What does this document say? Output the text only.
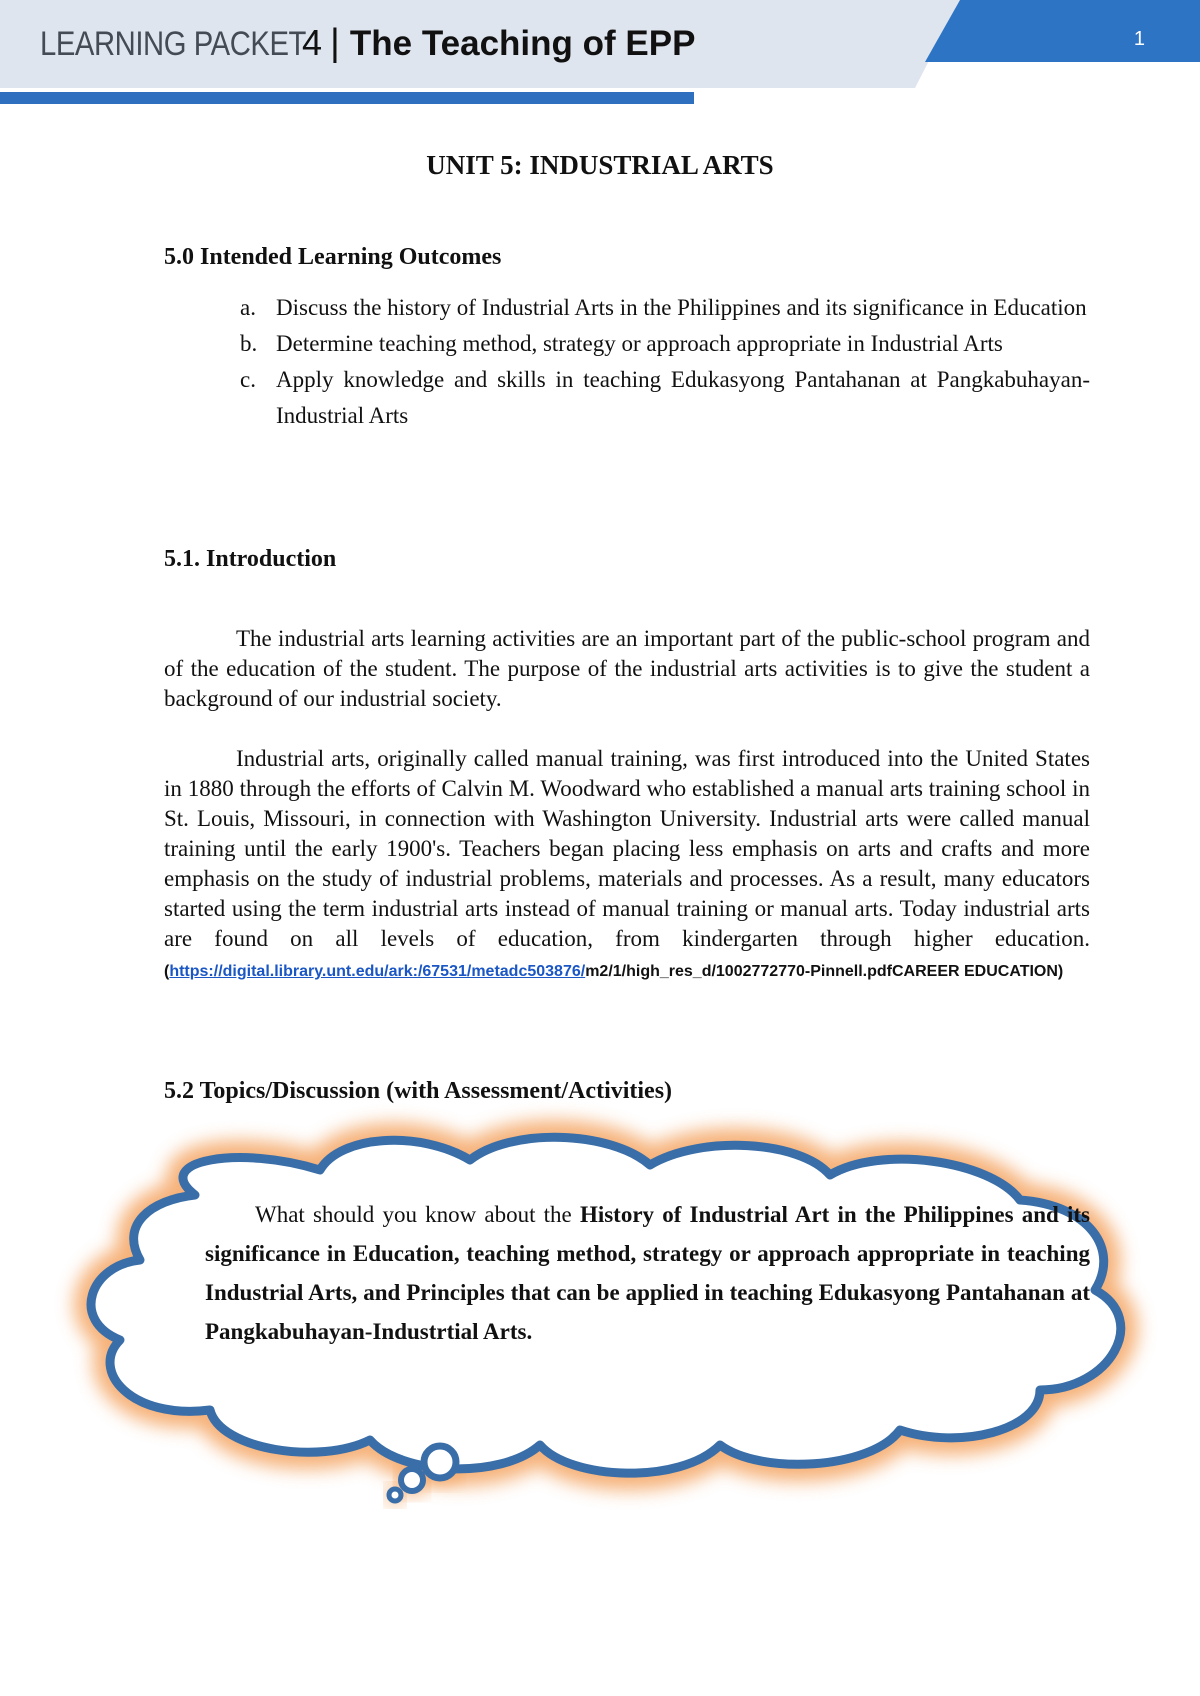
LEARNING PACKET
4 | The Teaching of EPP	1
UNIT 5: INDUSTRIAL ARTS
5.0 Intended Learning Outcomes
a. Discuss the history of Industrial Arts in the Philippines and its significance in Education
b. Determine teaching method, strategy or approach appropriate in Industrial Arts
c. Apply knowledge and skills in teaching Edukasyong Pantahanan at Pangkabuhayan-Industrial Arts
5.1. Introduction

The industrial arts learning activities are an important part of the public-school program and of the education of the student. The purpose of the industrial arts activities is to give the student a background of our industrial society.

Industrial arts, originally called manual training, was first introduced into the United States in 1880 through the efforts of Calvin M. Woodward who established a manual arts training school in St. Louis, Missouri, in connection with Washington University. Industrial arts were called manual training until the early 1900's. Teachers began placing less emphasis on arts and crafts and more emphasis on the study of industrial problems, materials and processes. As a result, many educators started using the term industrial arts instead of manual training or manual arts. Today industrial arts are found on all levels of education, from kindergarten through higher education. (https://digital.library.unt.edu/ark:/67531/metadc503876/m2/1/high_res_d/1002772770-Pinnell.pdfCAREER EDUCATION)

5.2 Topics/Discussion (with Assessment/Activities)

What should you know about the History of Industrial Art in the Philippines and its significance in Education, teaching method, strategy or approach appropriate in teaching Industrial Arts, and Principles that can be applied in teaching Edukasyong Pantahanan at Pangkabuhayan-Industrtial Arts.
